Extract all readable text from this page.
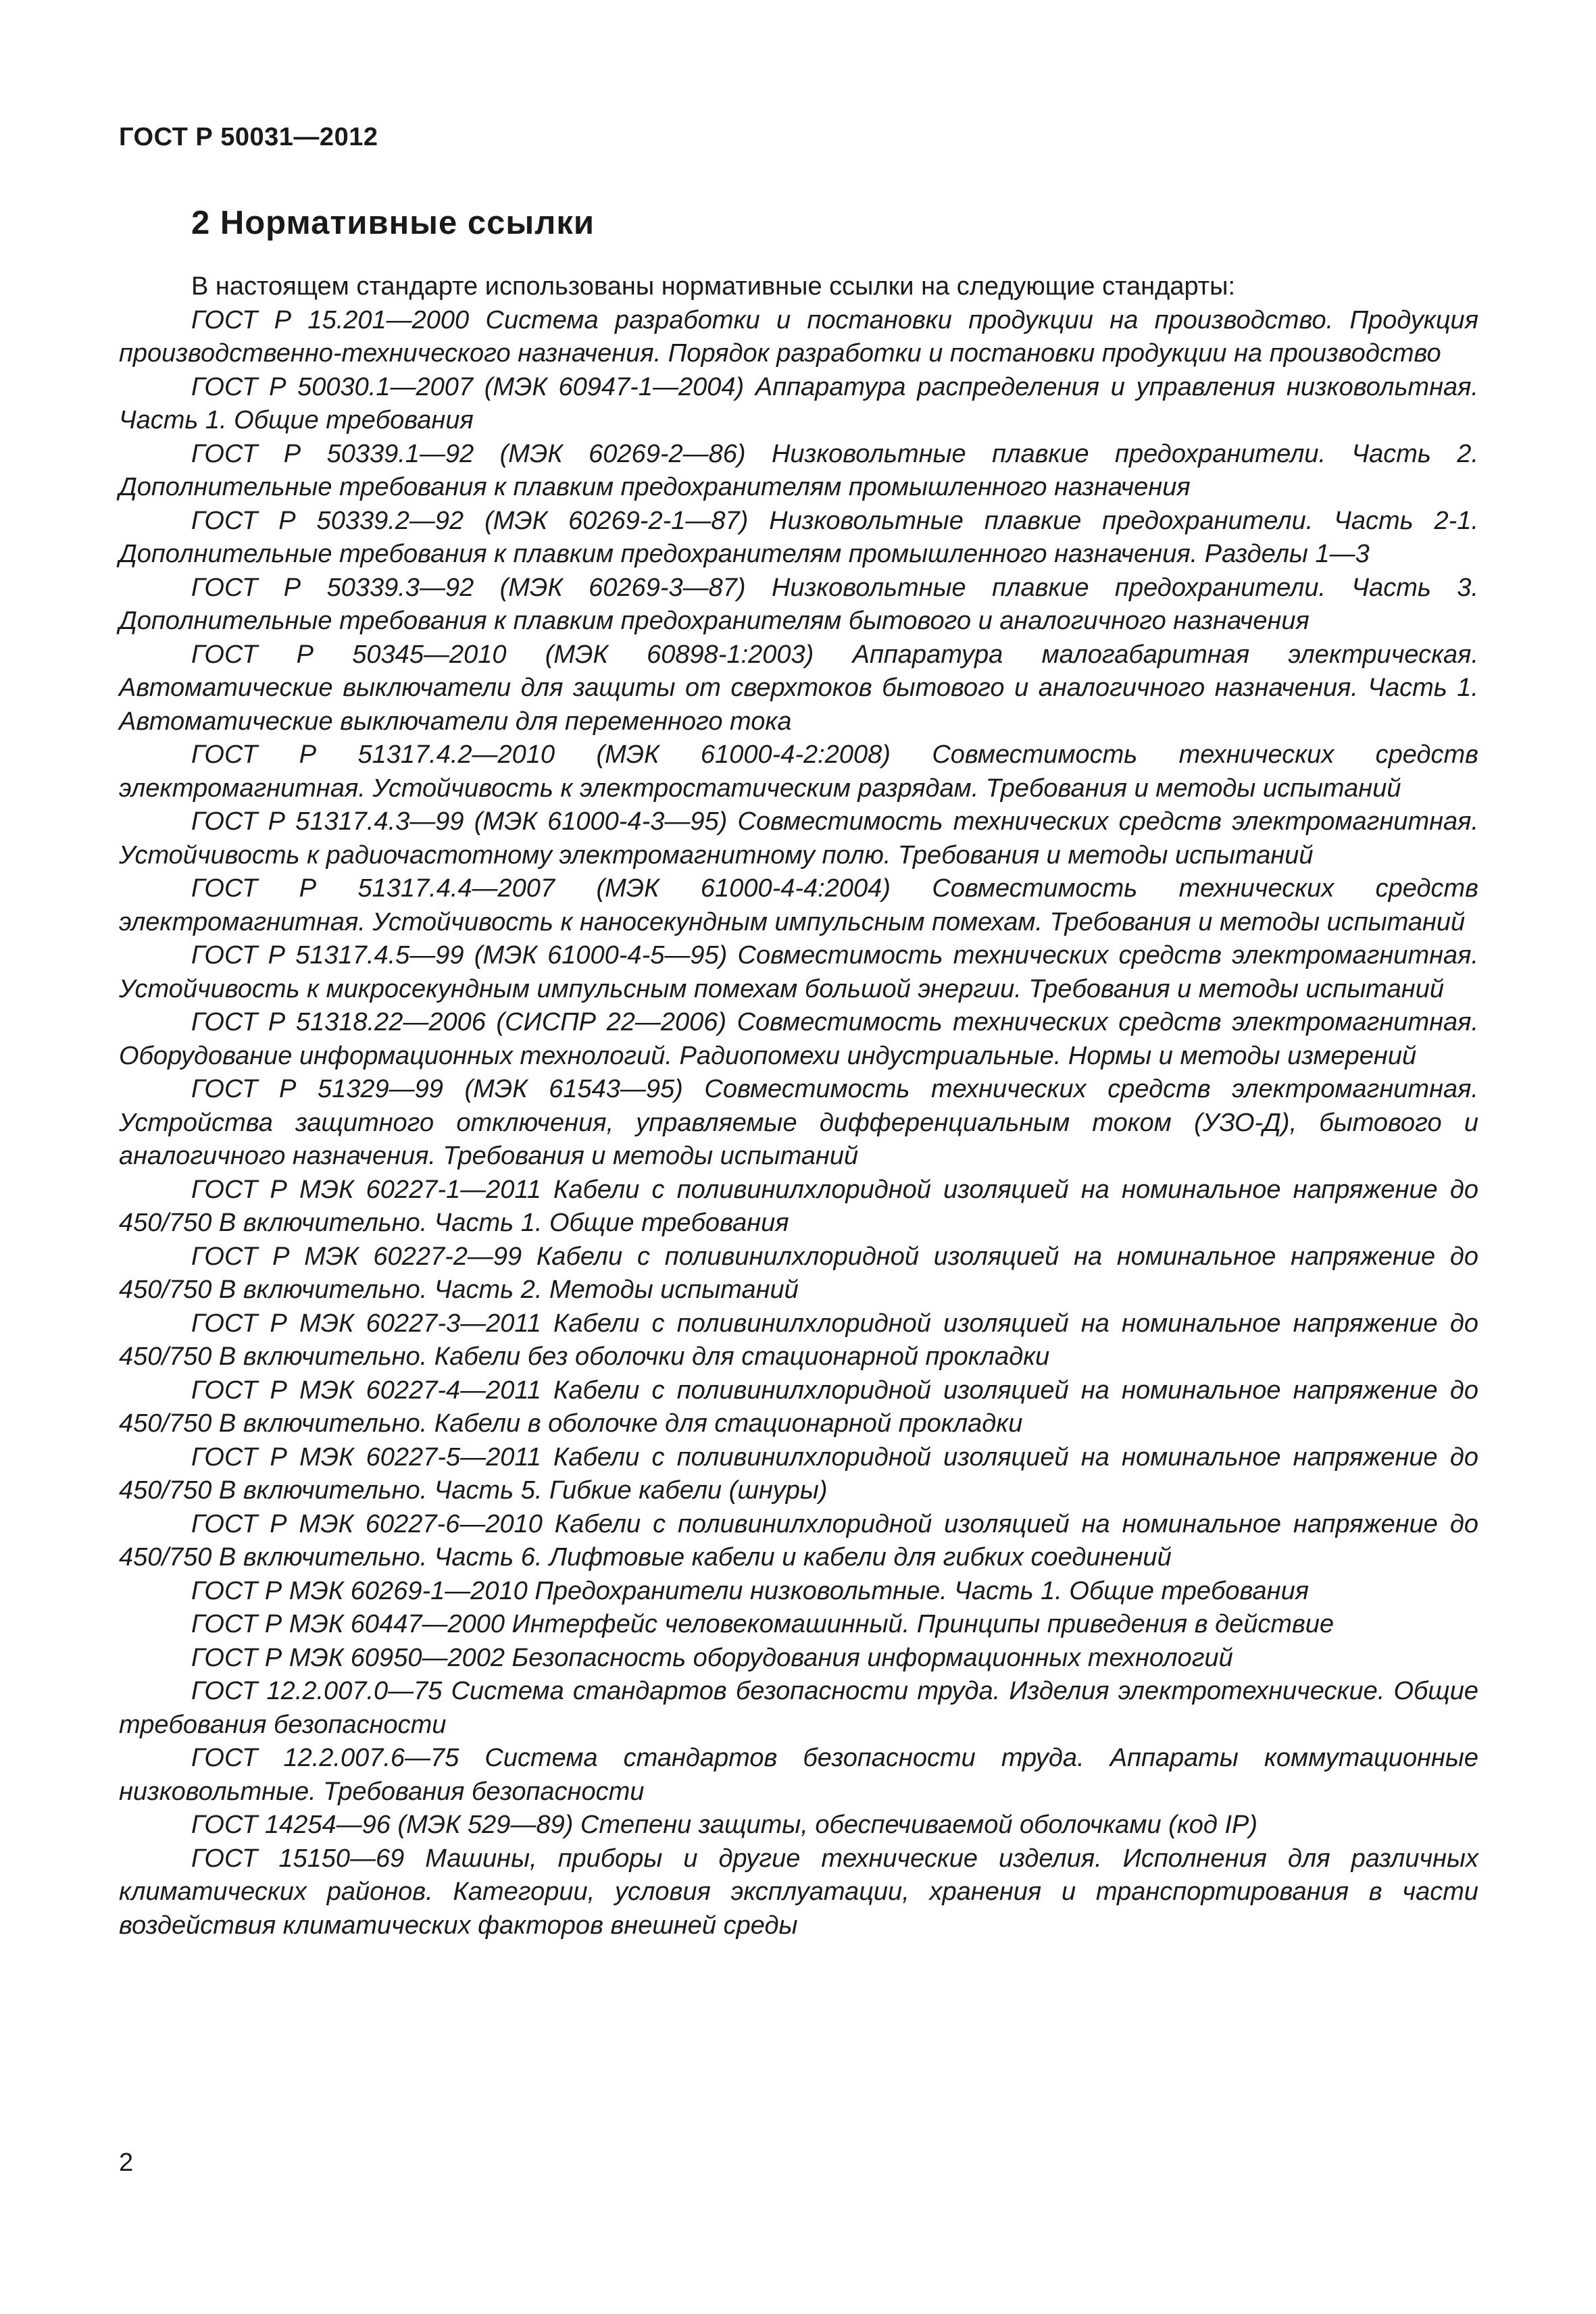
ГОСТ Р 50031—2012
2 Нормативные ссылки

В настоящем стандарте использованы нормативные ссылки на следующие стандарты:

ГОСТ Р 15.201—2000 Система разработки и постановки продукции на производство. Продукция производственно-технического назначения. Порядок разработки и постановки продукции на производство

ГОСТ Р 50030.1—2007 (МЭК 60947-1—2004) Аппаратура распределения и управления низковольтная. Часть 1. Общие требования

ГОСТ Р 50339.1—92 (МЭК 60269-2—86) Низковольтные плавкие предохранители. Часть 2. Дополнительные требования к плавким предохранителям промышленного назначения

ГОСТ Р 50339.2—92 (МЭК 60269-2-1—87) Низковольтные плавкие предохранители. Часть 2-1. Дополнительные требования к плавким предохранителям промышленного назначения. Разделы 1—3

ГОСТ Р 50339.3—92 (МЭК 60269-3—87) Низковольтные плавкие предохранители. Часть 3. Дополнительные требования к плавким предохранителям бытового и аналогичного назначения

ГОСТ Р 50345—2010 (МЭК 60898-1:2003) Аппаратура малогабаритная электрическая. Автоматические выключатели для защиты от сверхтоков бытового и аналогичного назначения. Часть 1. Автоматические выключатели для переменного тока

ГОСТ Р 51317.4.2—2010 (МЭК 61000-4-2:2008) Совместимость технических средств электромагнитная. Устойчивость к электростатическим разрядам. Требования и методы испытаний

ГОСТ Р 51317.4.3—99 (МЭК 61000-4-3—95) Совместимость технических средств электромагнитная. Устойчивость к радиочастотному электромагнитному полю. Требования и методы испытаний

ГОСТ Р 51317.4.4—2007 (МЭК 61000-4-4:2004) Совместимость технических средств электромагнитная. Устойчивость к наносекундным импульсным помехам. Требования и методы испытаний

ГОСТ Р 51317.4.5—99 (МЭК 61000-4-5—95) Совместимость технических средств электромагнитная. Устойчивость к микросекундным импульсным помехам большой энергии. Требования и методы испытаний

ГОСТ Р 51318.22—2006 (СИСПР 22—2006) Совместимость технических средств электромагнитная. Оборудование информационных технологий. Радиопомехи индустриальные. Нормы и методы измерений

ГОСТ Р 51329—99 (МЭК 61543—95) Совместимость технических средств электромагнитная. Устройства защитного отключения, управляемые дифференциальным током (УЗО-Д), бытового и аналогичного назначения. Требования и методы испытаний

ГОСТ Р МЭК 60227-1—2011 Кабели с поливинилхлоридной изоляцией на номинальное напряжение до 450/750 В включительно. Часть 1. Общие требования

ГОСТ Р МЭК 60227-2—99 Кабели с поливинилхлоридной изоляцией на номинальное напряжение до 450/750 В включительно. Часть 2. Методы испытаний

ГОСТ Р МЭК 60227-3—2011 Кабели с поливинилхлоридной изоляцией на номинальное напряжение до 450/750 В включительно. Кабели без оболочки для стационарной прокладки

ГОСТ Р МЭК 60227-4—2011 Кабели с поливинилхлоридной изоляцией на номинальное напряжение до 450/750 В включительно. Кабели в оболочке для стационарной прокладки

ГОСТ Р МЭК 60227-5—2011 Кабели с поливинилхлоридной изоляцией на номинальное напряжение до 450/750 В включительно. Часть 5. Гибкие кабели (шнуры)

ГОСТ Р МЭК 60227-6—2010 Кабели с поливинилхлоридной изоляцией на номинальное напряжение до 450/750 В включительно. Часть 6. Лифтовые кабели и кабели для гибких соединений

ГОСТ Р МЭК 60269-1—2010 Предохранители низковольтные. Часть 1. Общие требования

ГОСТ Р МЭК 60447—2000 Интерфейс человекомашинный. Принципы приведения в действие

ГОСТ Р МЭК 60950—2002 Безопасность оборудования информационных технологий

ГОСТ 12.2.007.0—75 Система стандартов безопасности труда. Изделия электротехнические. Общие требования безопасности

ГОСТ 12.2.007.6—75 Система стандартов безопасности труда. Аппараты коммутационные низковольтные. Требования безопасности

ГОСТ 14254—96 (МЭК 529—89) Степени защиты, обеспечиваемой оболочками (код IP)

ГОСТ 15150—69 Машины, приборы и другие технические изделия. Исполнения для различных климатических районов. Категории, условия эксплуатации, хранения и транспортирования в части воздействия климатических факторов внешней среды

2
